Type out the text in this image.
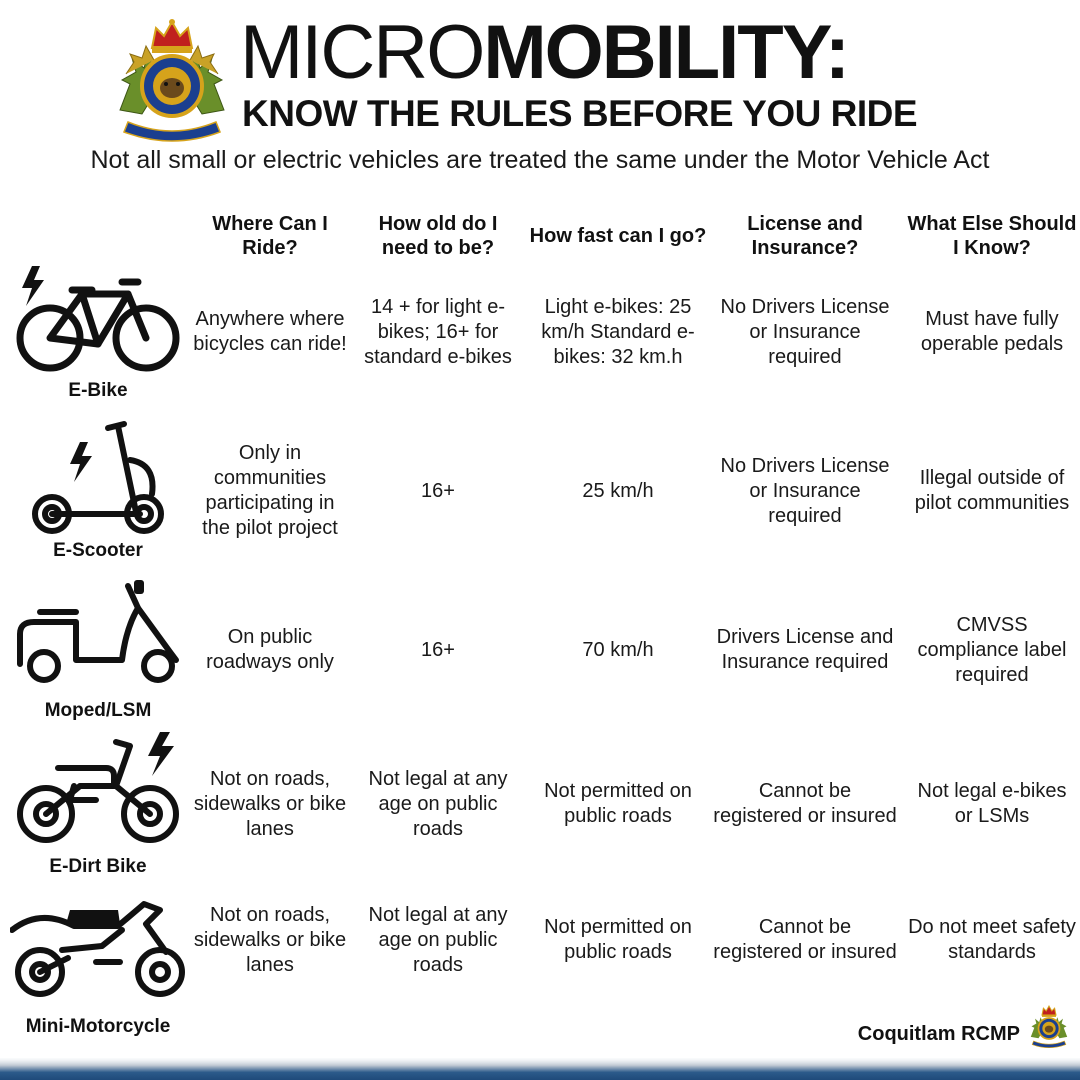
MICROMOBILITY:
KNOW THE RULES BEFORE YOU RIDE
Not all small or electric vehicles are treated the same under the Motor Vehicle Act
Where Can I Ride?
How old do I need to be?
How fast can I go?
License and Insurance?
What Else Should I Know?
E-Bike
Anywhere where bicycles can ride!
14 + for light e-bikes; 16+ for standard e-bikes
Light e-bikes: 25 km/h Standard e-bikes: 32 km.h
No Drivers License or Insurance required
Must have fully operable pedals
E-Scooter
Only in communities participating in the pilot project
16+	25 km/h
No Drivers License or Insurance required
Illegal outside of pilot communities
Moped/LSM
On public roadways only
16+	70 km/h
Drivers License and Insurance required
CMVSS compliance label required
E-Dirt Bike
Not on roads, sidewalks or bike lanes
Not legal at any age on public roads
Not permitted on public roads
Cannot be registered or insured
Not legal e-bikes or LSMs
Mini-Motorcycle
Not on roads, sidewalks or bike lanes
Not legal at any age on public roads
Not permitted on public roads
Cannot be registered or insured
Do not meet safety standards
Coquitlam RCMP
